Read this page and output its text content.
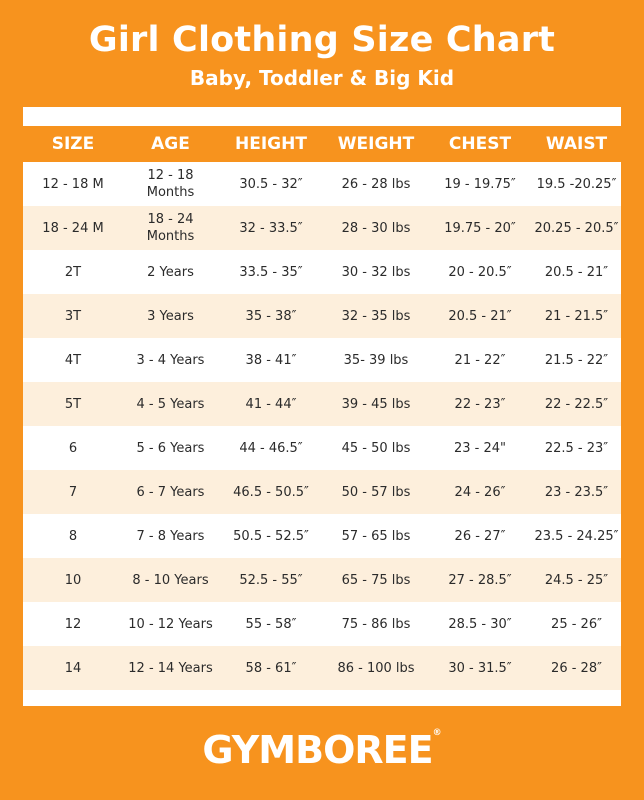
Girl Clothing Size Chart
Baby, Toddler & Big Kid
SIZE	AGE	HEIGHT	WEIGHT	CHEST	WAIST
12 - 18 M	12 - 18 Months	30.5 - 32″	26 - 28 lbs	19 - 19.75″	19.5 -20.25″
18 - 24 M	18 - 24 Months	32 - 33.5″	28 - 30 lbs	19.75 - 20″	20.25 - 20.5″
2T	2 Years	33.5 - 35″	30 - 32 lbs	20 - 20.5″	20.5 - 21″
3T	3 Years	35 - 38″	32 - 35 lbs	20.5 - 21″	21 - 21.5″
4T	3 - 4 Years	38 - 41″	35- 39 lbs	21 - 22″	21.5 - 22″
5T	4 - 5 Years	41 - 44″	39 - 45 lbs	22 - 23″	22 - 22.5″
6	5 - 6 Years	44 - 46.5″	45 - 50 lbs	23 - 24"	22.5 - 23″
7	6 - 7 Years	46.5 - 50.5″	50 - 57 lbs	24 - 26″	23 - 23.5″
8	7 - 8 Years	50.5 - 52.5″	57 - 65 lbs	26 - 27″	23.5 - 24.25″
10	8 - 10 Years	52.5 - 55″	65 - 75 lbs	27 - 28.5″	24.5 - 25″
12	10 - 12 Years	55 - 58″	75 - 86 lbs	28.5 - 30″	25 - 26″
14	12 - 14 Years	58 - 61″	86 - 100 lbs	30 - 31.5″	26 - 28″
GYMBOREE®
